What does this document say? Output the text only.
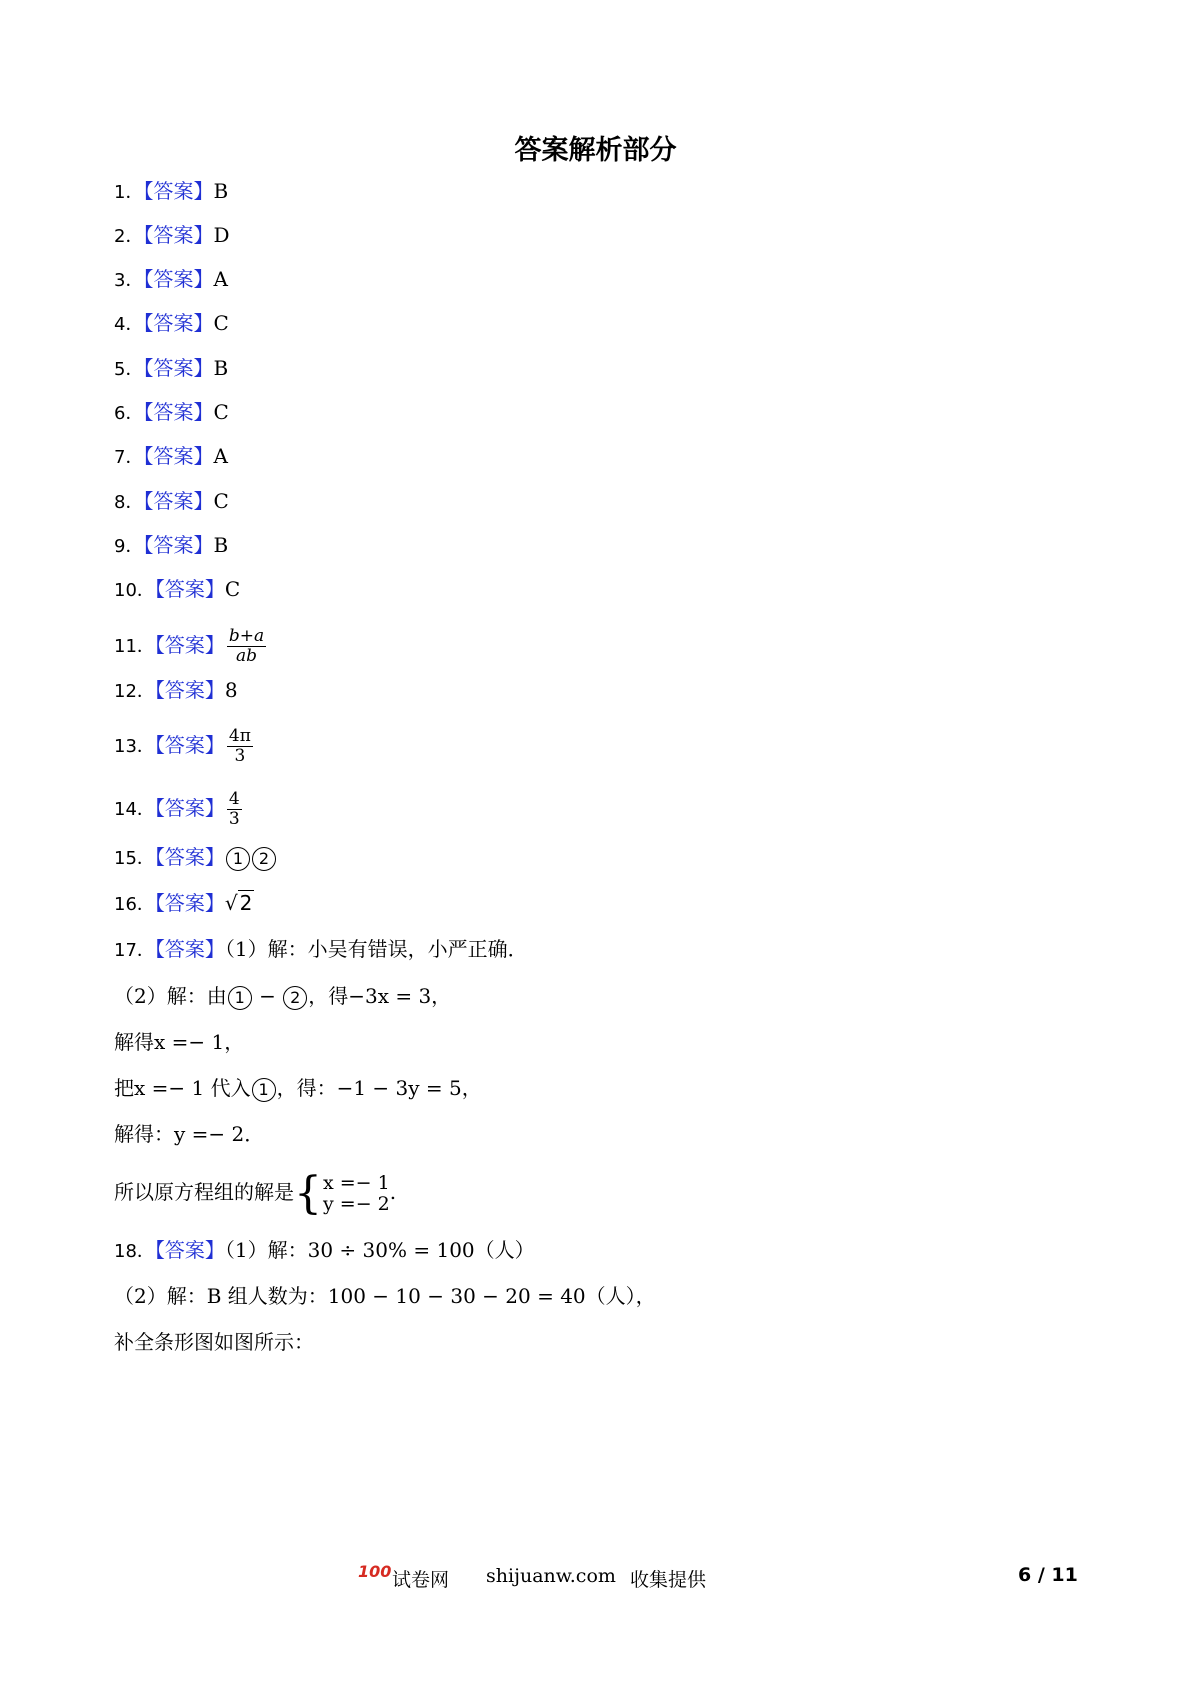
答案解析部分
1．【答案】B
2．【答案】D
3．【答案】A
4．【答案】C
5．【答案】B
6．【答案】C
7．【答案】A
8．【答案】C
9．【答案】B
10．【答案】C
11．【答案】 $\frac{b+a}{ab}$
12．【答案】8
13．【答案】 $\frac{4\pi}{3}$
14．【答案】 $\frac{4}{3}$
15．【答案】 1 2
16．【答案】√ 2
17．【答案】（1）解：小吴有错误，小严正确．
（2）解：由 1 − 2 ，得−3x = 3，
解得x =− 1，
把x =− 1 代入 1 ，得：−1 − 3y = 5，
解得：y =− 2．
所以原方程组的解是 { x =− 1
y =− 2 .
18．【答案】（1）解：30 ÷ 30% = 100（人）
（2）解：B 组人数为：100 − 10 − 30 − 20 = 40（人），
补全条形图如图所示：
100 试卷网 shijuanw.com 收集提供	6 / 11
